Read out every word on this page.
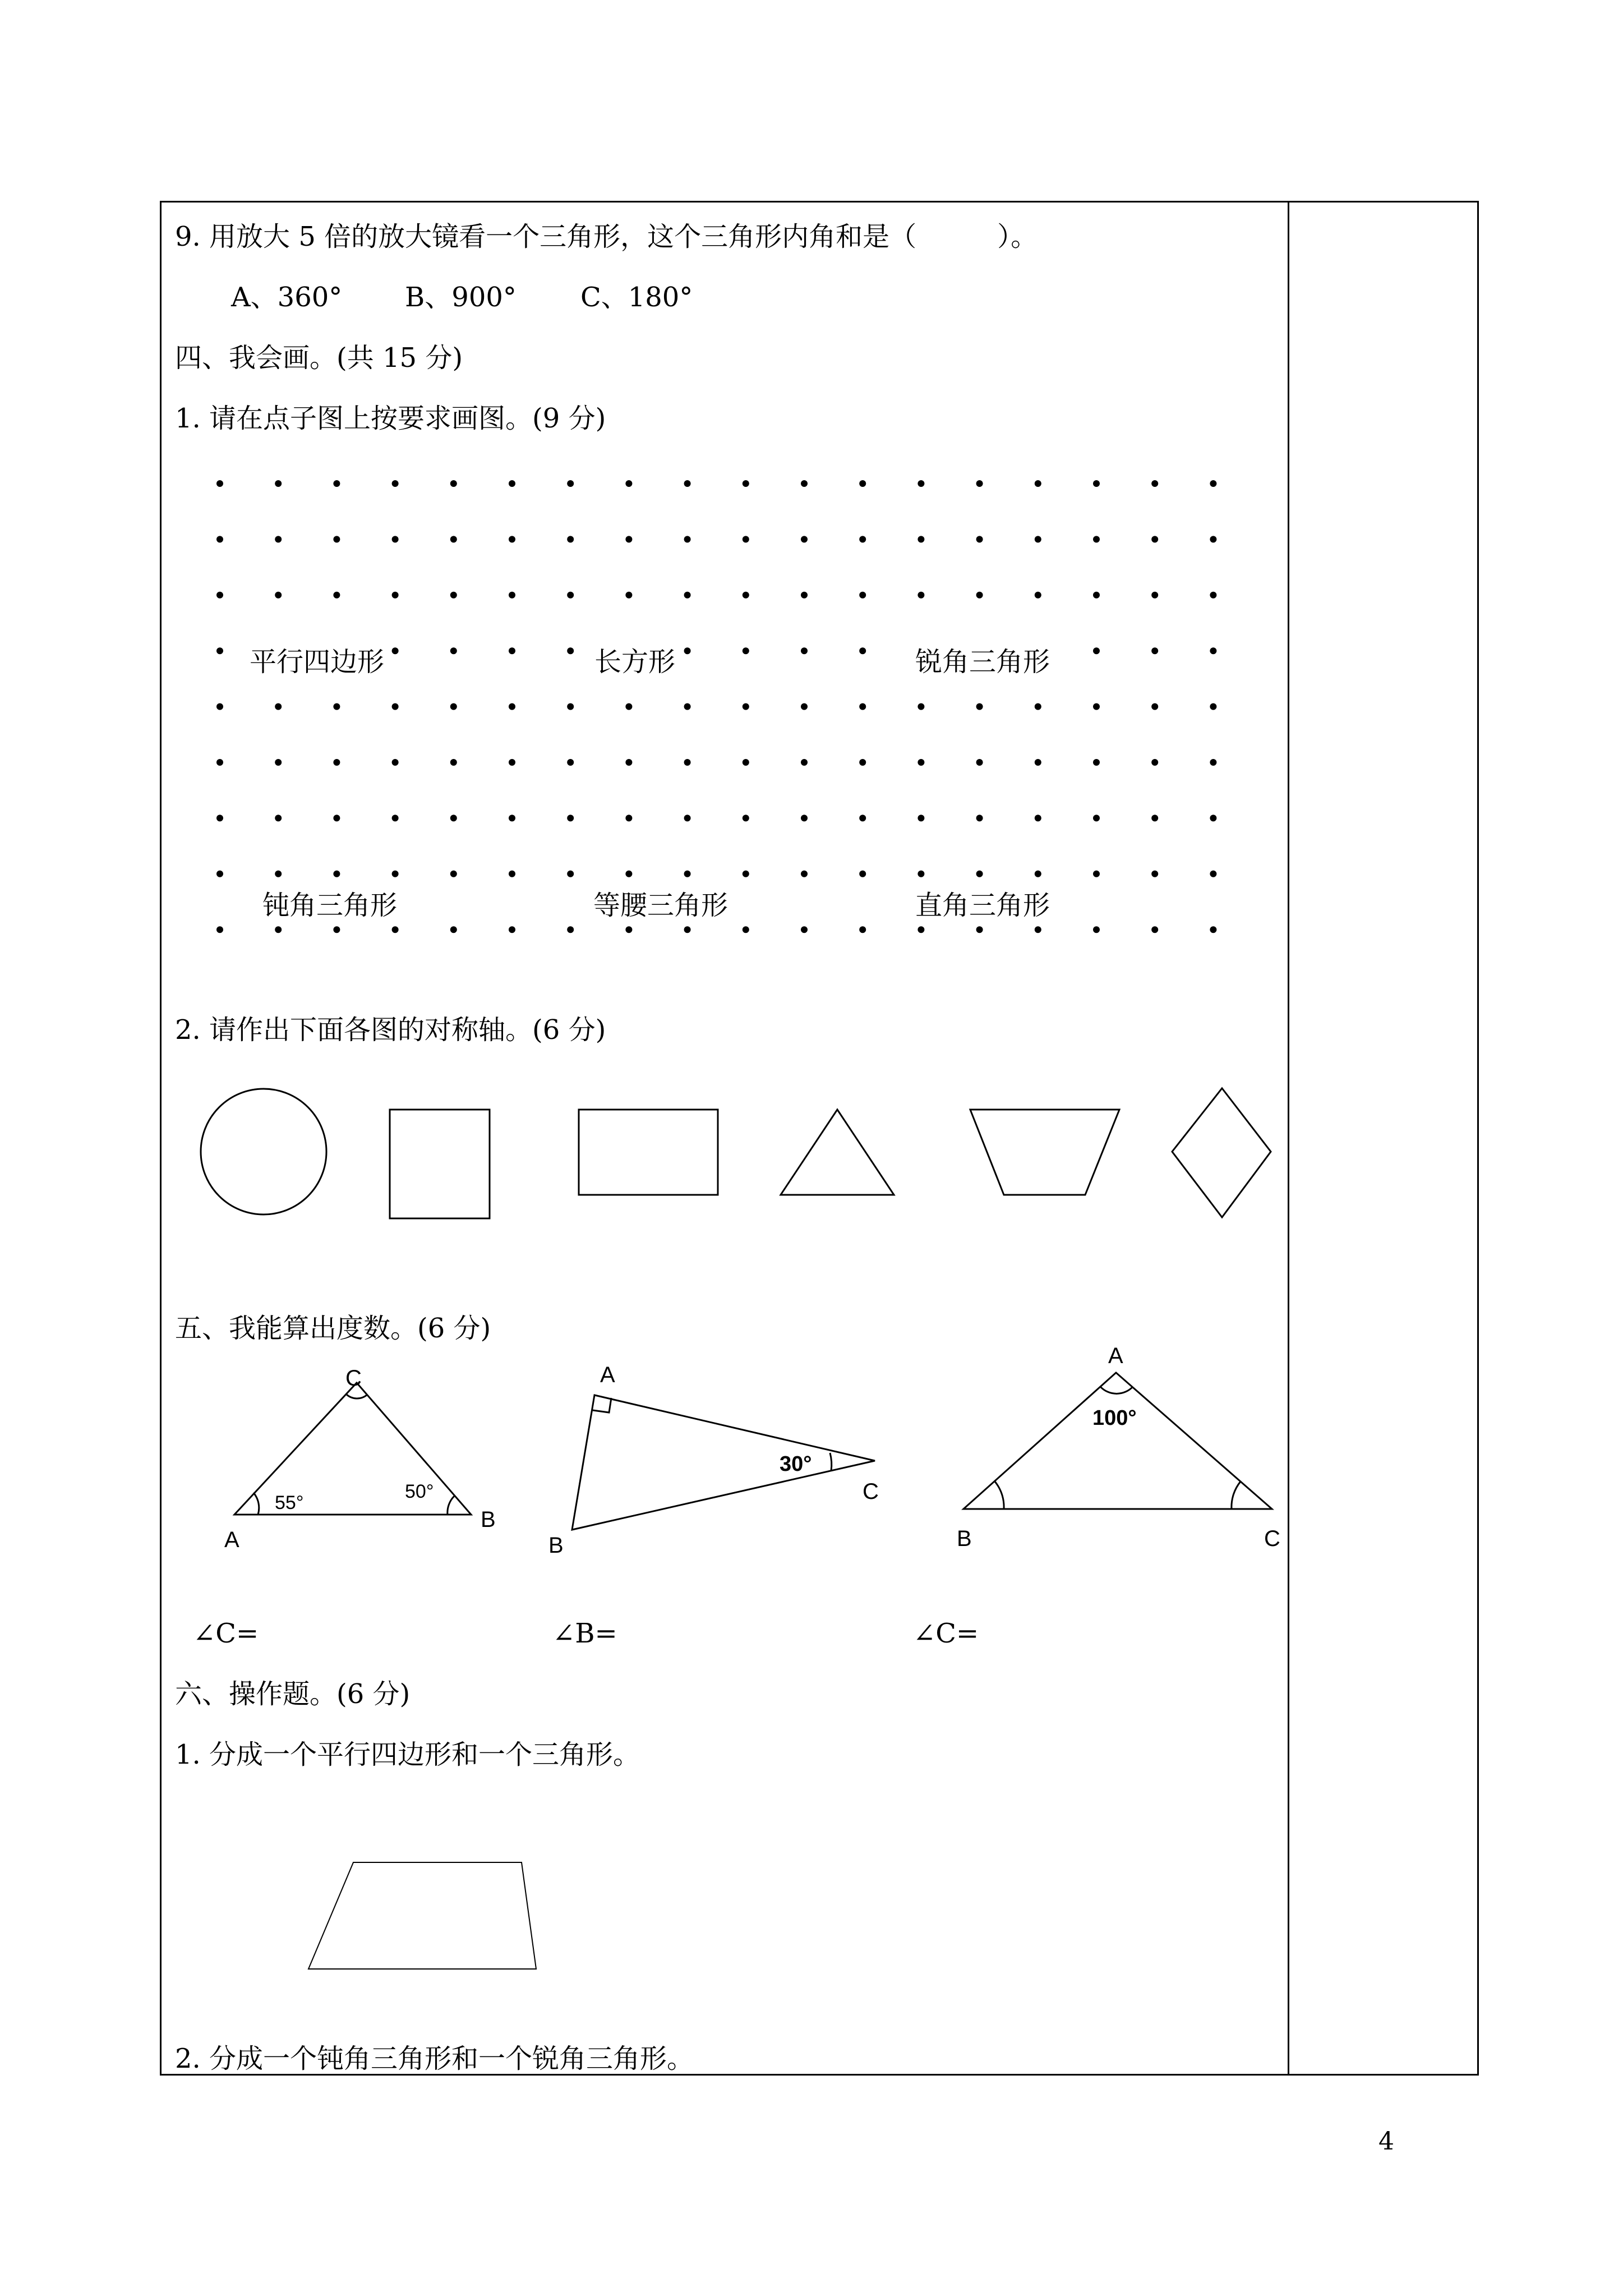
9. 用放大 5 倍的放大镜看一个三角形，这个三角形内角和是（　　　）。
A、360° B、900° C、180°
四、我会画。(共 15 分)
1. 请在点子图上按要求画图。(9 分)
平行四边形	长方形	锐角三角形
钝角三角形	等腰三角形	直角三角形
2. 请作出下面各图的对称轴。(6 分)
五、我能算出度数。(6 分)
A
B
C
55°
50°
A
B
C
30°
A
B	C
100°
∠C=	∠B=	∠C=
六、操作题。(6 分)
1. 分成一个平行四边形和一个三角形。
2. 分成一个钝角三角形和一个锐角三角形。
4
